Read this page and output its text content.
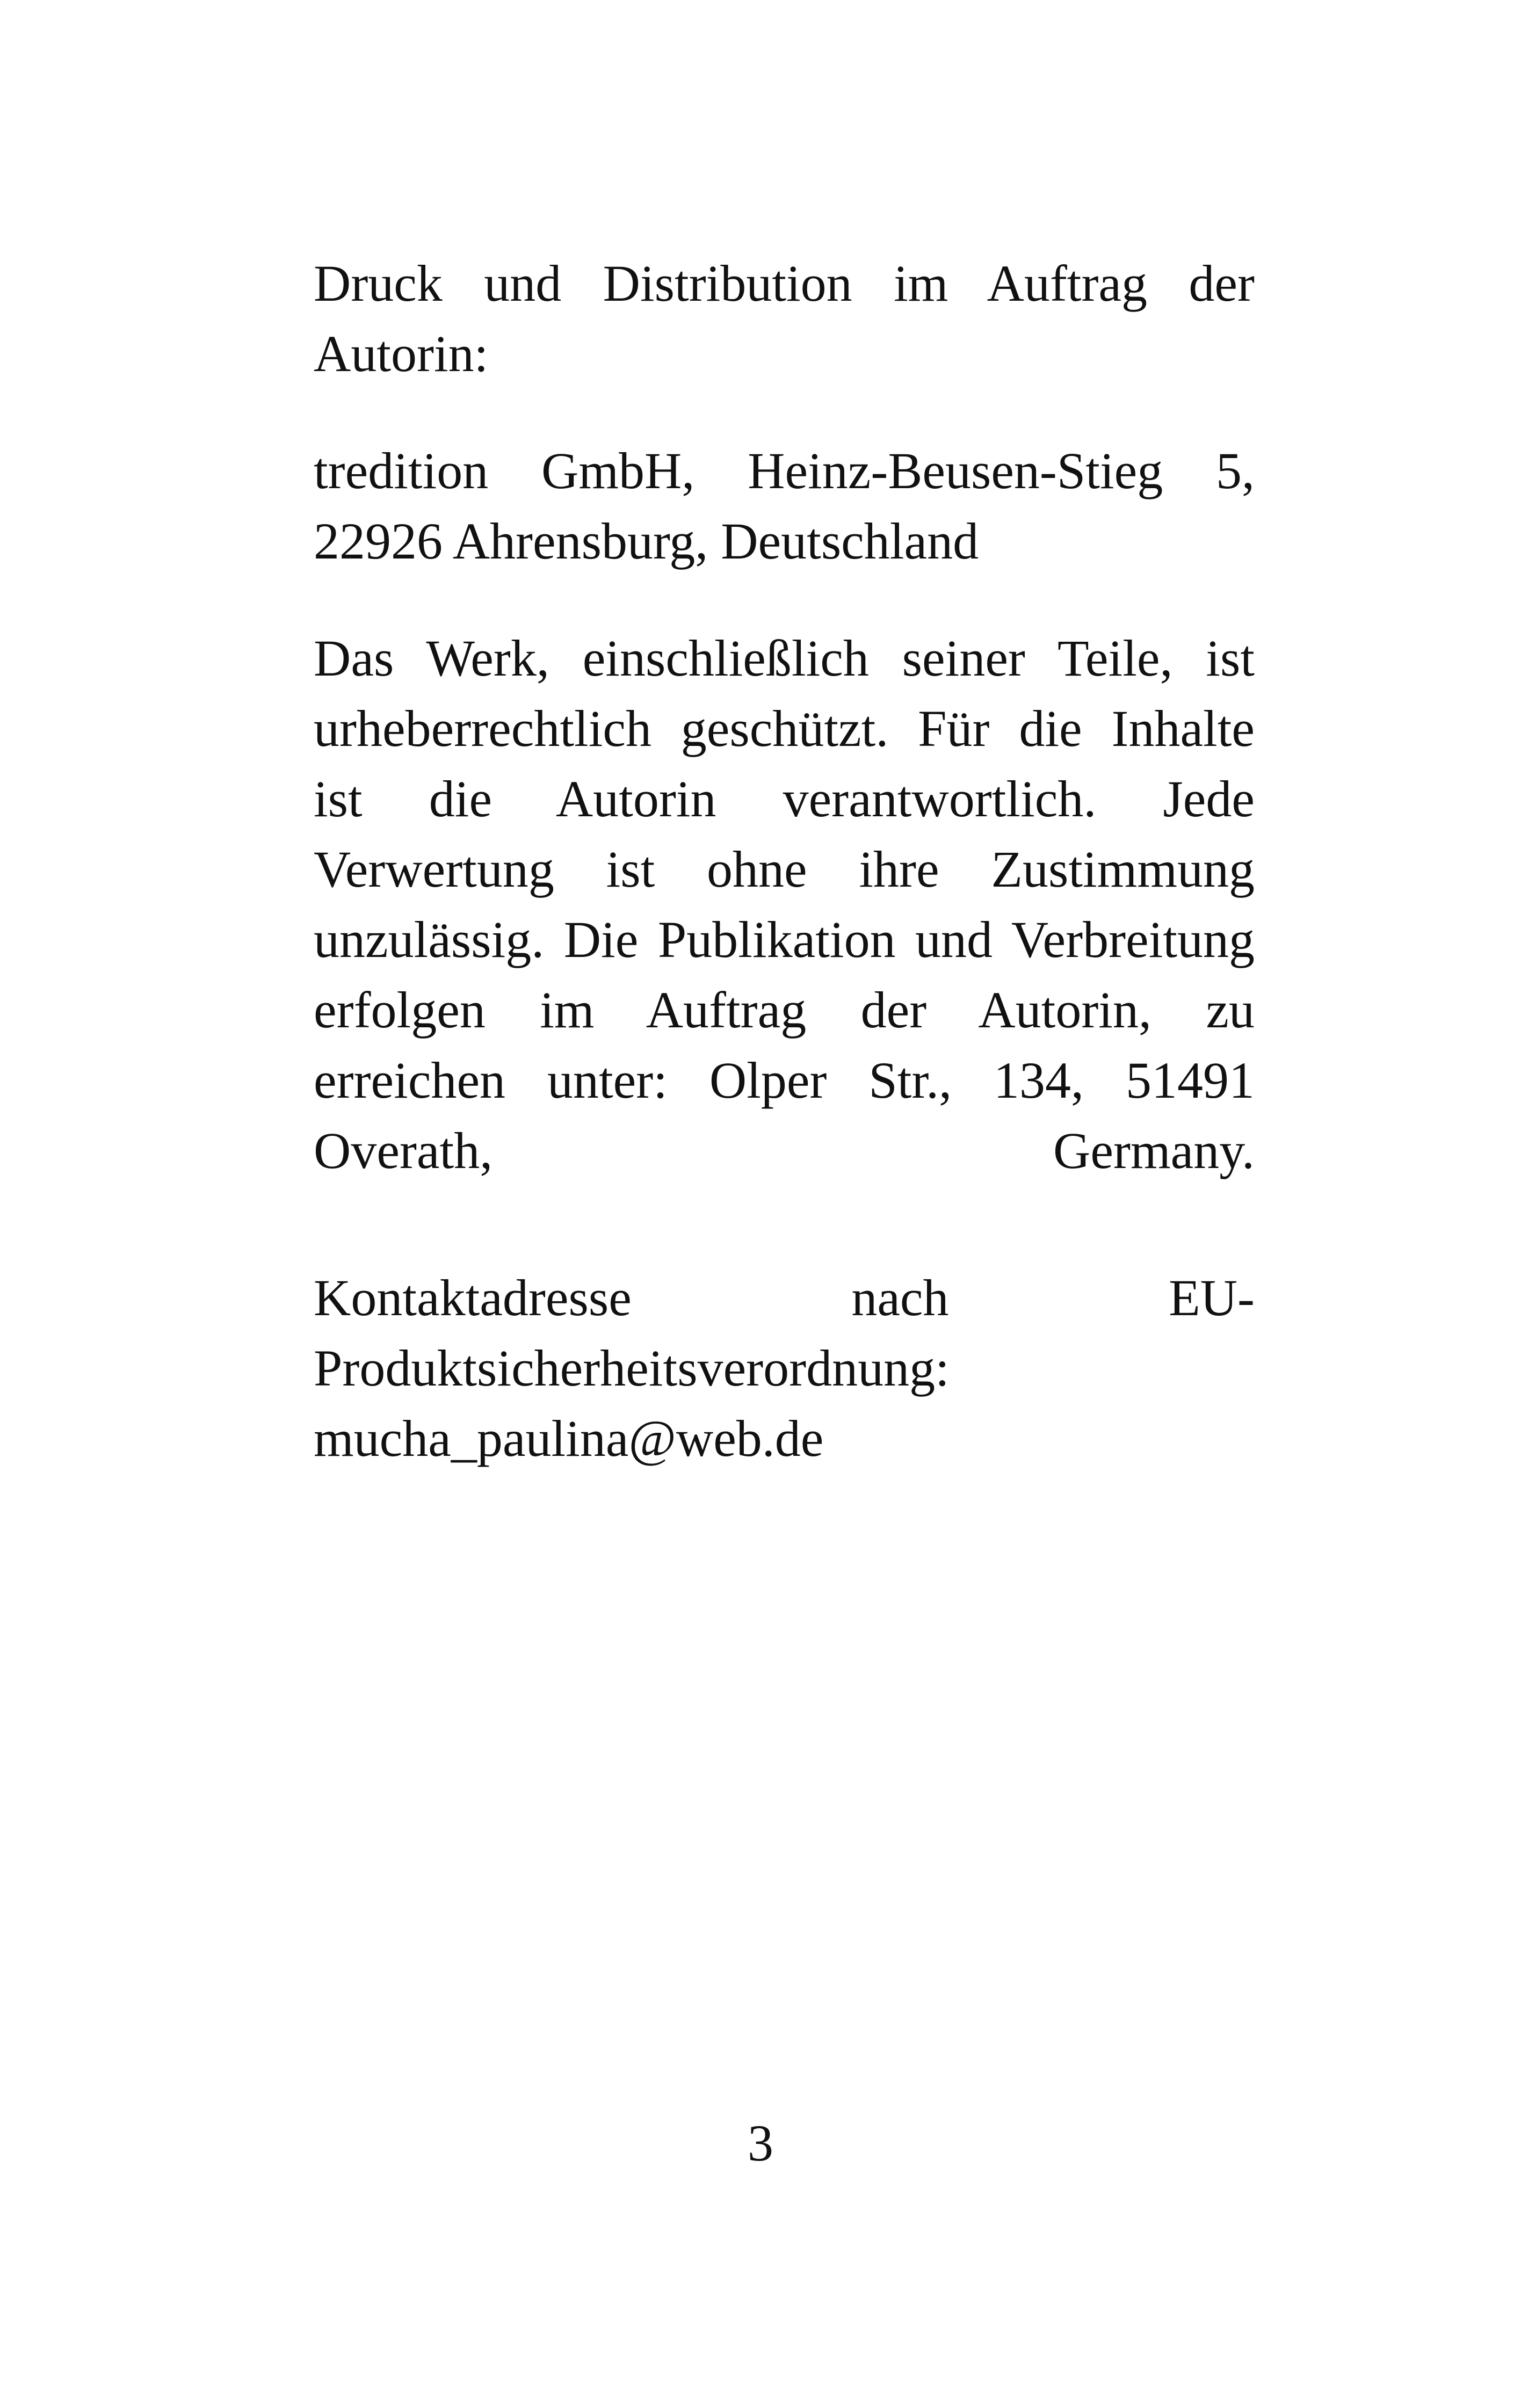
Druck und Distribution im Auftrag der
Autorin:
tredition GmbH, Heinz-Beusen-Stieg 5,
22926 Ahrensburg, Deutschland
Das Werk, einschließlich seiner Teile, ist
urheberrechtlich geschützt. Für die Inhalte
ist die Autorin verantwortlich. Jede
Verwertung ist ohne ihre Zustimmung
unzulässig. Die Publikation und Verbreitung
erfolgen im Auftrag der Autorin, zu
erreichen unter: Olper Str., 134, 51491
Overath, Germany.
Kontaktadresse nach EU-
Produktsicherheitsverordnung:
mucha_paulina@web.de
3
